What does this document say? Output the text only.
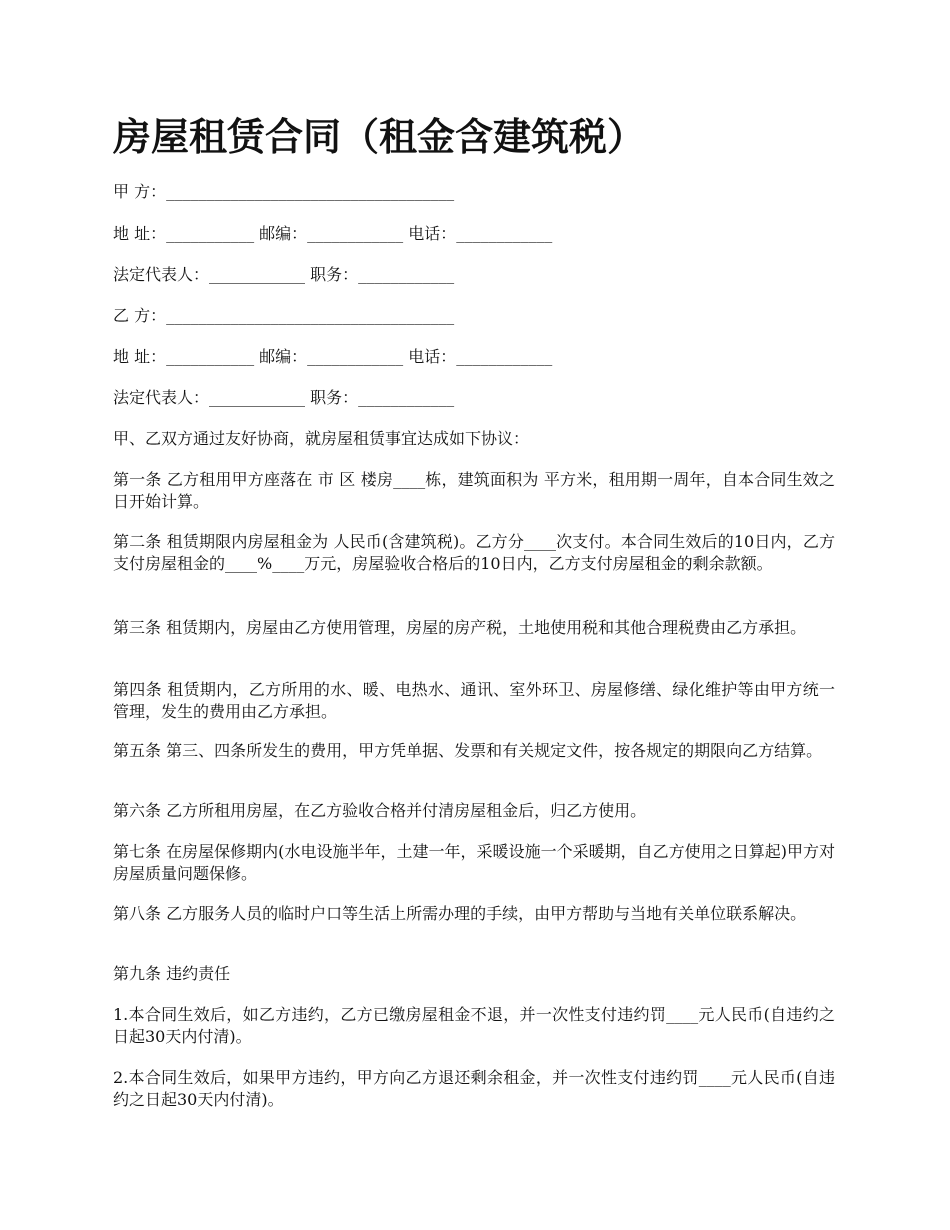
房屋租赁合同（租金含建筑税）
甲 方：____________________________________
地 址：___________ 邮编：____________ 电话：____________
法定代表人：____________ 职务：____________
乙 方：____________________________________
地 址：___________ 邮编：____________ 电话：____________
法定代表人：____________ 职务：____________

甲、乙双方通过友好协商，就房屋租赁事宜达成如下协议：

第一条 乙方租用甲方座落在 市 区 楼房____栋，建筑面积为 平方米，租用期一周年，自本合同生效之日开始计算。

第二条 租赁期限内房屋租金为 人民币(含建筑税)。乙方分____次支付。本合同生效后的10日内，乙方支付房屋租金的____%____万元，房屋验收合格后的10日内，乙方支付房屋租金的剩余款额。

第三条 租赁期内，房屋由乙方使用管理，房屋的房产税，土地使用税和其他合理税费由乙方承担。

第四条 租赁期内，乙方所用的水、暖、电热水、通讯、室外环卫、房屋修缮、绿化维护等由甲方统一管理，发生的费用由乙方承担。

第五条 第三、四条所发生的费用，甲方凭单据、发票和有关规定文件，按各规定的期限向乙方结算。

第六条 乙方所租用房屋，在乙方验收合格并付清房屋租金后，归乙方使用。

第七条 在房屋保修期内(水电设施半年，土建一年，采暖设施一个采暖期，自乙方使用之日算起)甲方对房屋质量问题保修。

第八条 乙方服务人员的临时户口等生活上所需办理的手续，由甲方帮助与当地有关单位联系解决。

第九条 违约责任

1.本合同生效后，如乙方违约，乙方已缴房屋租金不退，并一次性支付违约罚____元人民币(自违约之日起30天内付清)。

2.本合同生效后，如果甲方违约，甲方向乙方退还剩余租金，并一次性支付违约罚____元人民币(自违约之日起30天内付清)。
